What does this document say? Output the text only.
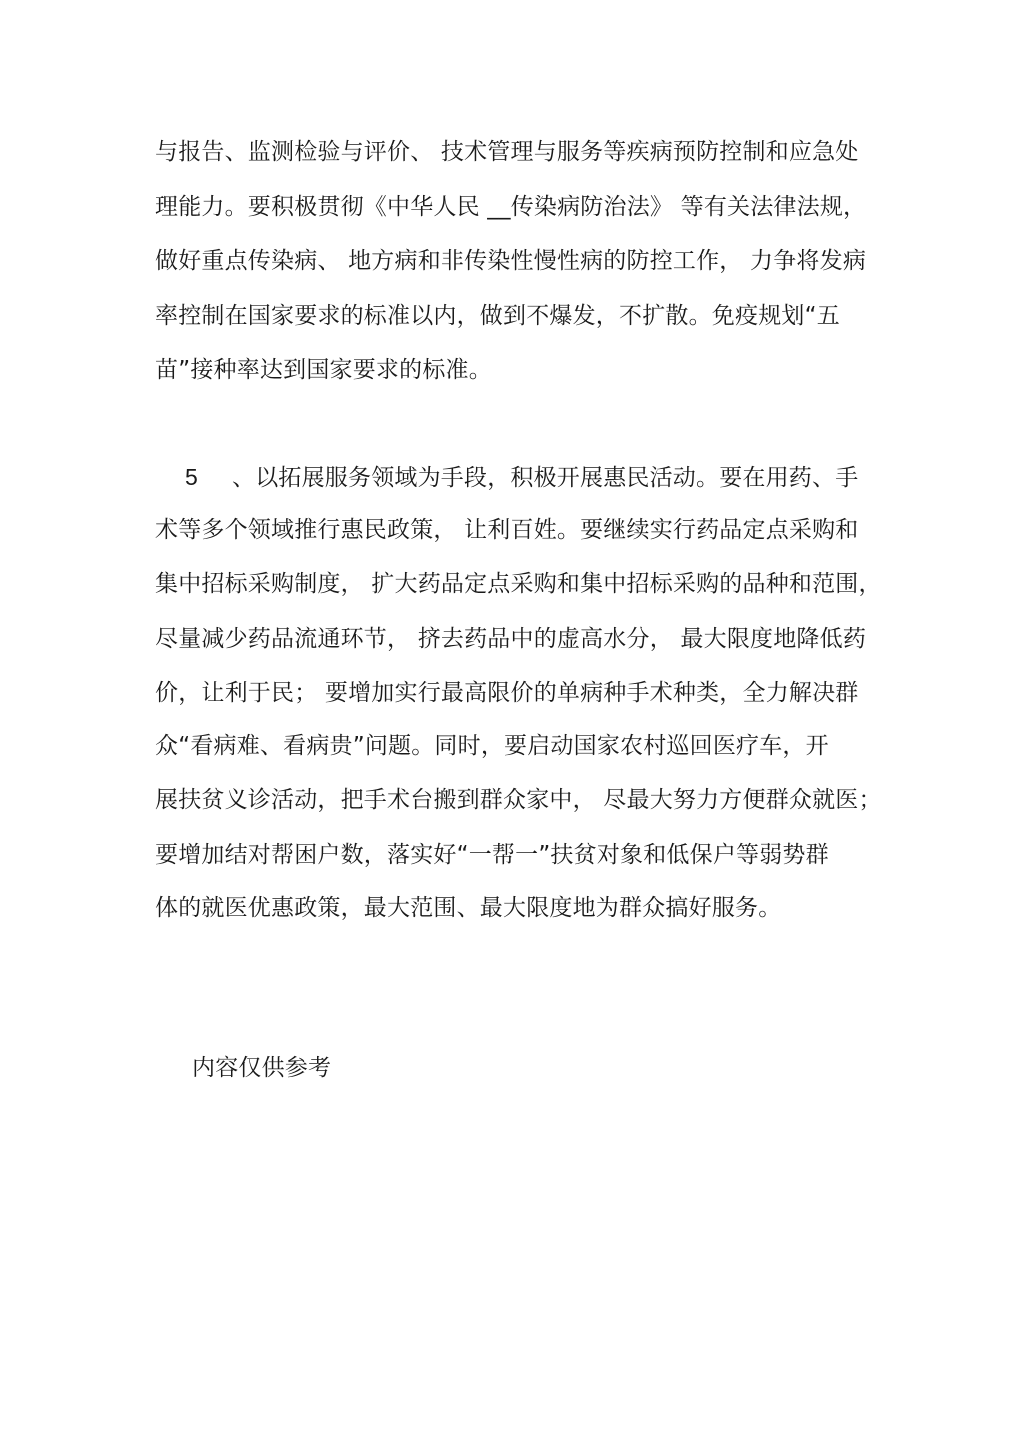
与报告、监测检验与评价、 技术管理与服务等疾病预防控制和应急处
理能力。要积极贯彻《中华人民 __传染病防治法》 等有关法律法规，
做好重点传染病、 地方病和非传染性慢性病的防控工作， 力争将发病
率控制在国家要求的标准以内，做到不爆发，不扩散。免疫规划“五
苗”接种率达到国家要求的标准。
5 、以拓展服务领域为手段，积极开展惠民活动。要在用药、手
术等多个领域推行惠民政策， 让利百姓。要继续实行药品定点采购和
集中招标采购制度， 扩大药品定点采购和集中招标采购的品种和范围，
尽量减少药品流通环节， 挤去药品中的虚高水分， 最大限度地降低药
价，让利于民； 要增加实行最高限价的单病种手术种类，全力解决群
众“看病难、看病贵”问题。同时，要启动国家农村巡回医疗车，开
展扶贫义诊活动，把手术台搬到群众家中， 尽最大努力方便群众就医；
要增加结对帮困户数，落实好“一帮一”扶贫对象和低保户等弱势群
体的就医优惠政策，最大范围、最大限度地为群众搞好服务。
内容仅供参考
